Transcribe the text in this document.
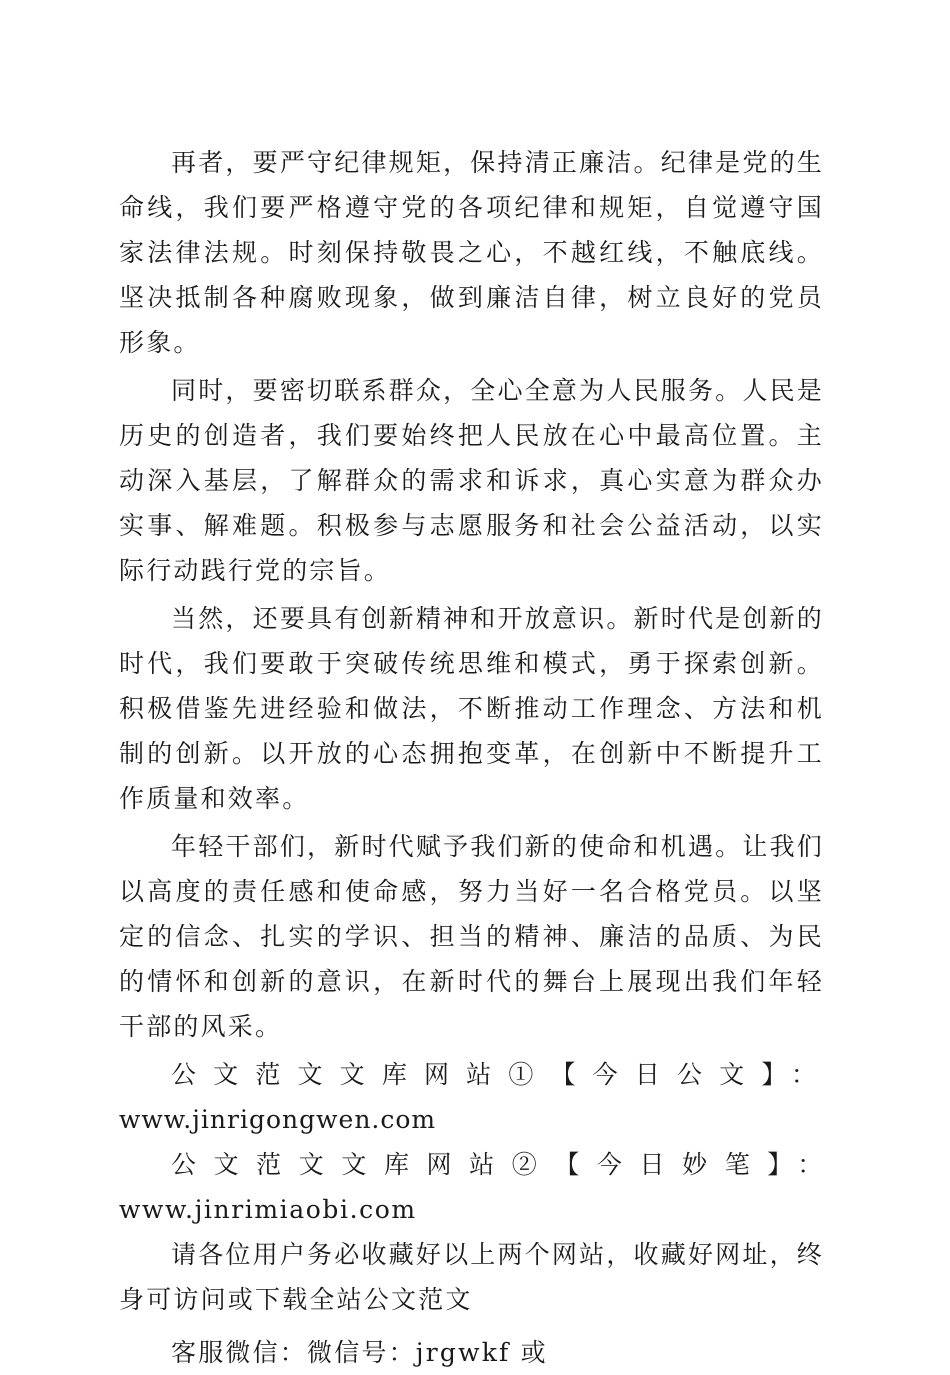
再者，要严守纪律规矩，保持清正廉洁。纪律是党的生命线，我们要严格遵守党的各项纪律和规矩，自觉遵守国家法律法规。时刻保持敬畏之心，不越红线，不触底线。坚决抵制各种腐败现象，做到廉洁自律，树立良好的党员形象。

同时，要密切联系群众，全心全意为人民服务。人民是历史的创造者，我们要始终把人民放在心中最高位置。主动深入基层，了解群众的需求和诉求，真心实意为群众办实事、解难题。积极参与志愿服务和社会公益活动，以实际行动践行党的宗旨。

当然，还要具有创新精神和开放意识。新时代是创新的时代，我们要敢于突破传统思维和模式，勇于探索创新。积极借鉴先进经验和做法，不断推动工作理念、方法和机制的创新。以开放的心态拥抱变革，在创新中不断提升工作质量和效率。

年轻干部们，新时代赋予我们新的使命和机遇。让我们以高度的责任感和使命感，努力当好一名合格党员。以坚定的信念、扎实的学识、担当的精神、廉洁的品质、为民的情怀和创新的意识，在新时代的舞台上展现出我们年轻干部的风采。

公文范文文库网站①【今日公文】：

www.jinrigongwen.com

公文范文文库网站②【今日妙笔】：www.jinrimiaobi.com

请各位用户务必收藏好以上两个网站，收藏好网址，终身可访问或下载全站公文范文

客服微信：微信号：jrgwkf 或
